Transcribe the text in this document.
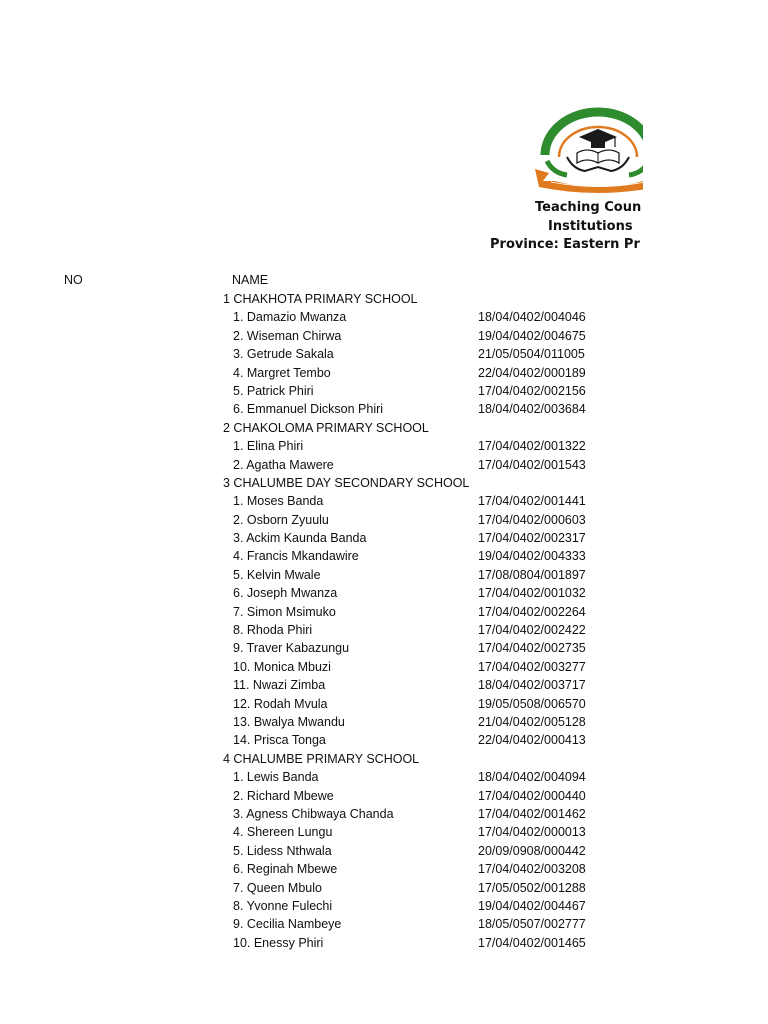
Teaching Coun
Institutions
Province: Eastern Pr
NO	NAME
1 CHAKHOTA PRIMARY SCHOOL
1. Damazio Mwanza	18/04/0402/004046
2. Wiseman Chirwa	19/04/0402/004675
3. Getrude Sakala	21/05/0504/011005
4. Margret Tembo	22/04/0402/000189
5. Patrick Phiri	17/04/0402/002156
6. Emmanuel Dickson Phiri	18/04/0402/003684
2 CHAKOLOMA PRIMARY SCHOOL
1. Elina Phiri	17/04/0402/001322
2. Agatha Mawere	17/04/0402/001543
3 CHALUMBE DAY SECONDARY SCHOOL
1. Moses Banda	17/04/0402/001441
2. Osborn Zyuulu	17/04/0402/000603
3. Ackim Kaunda Banda	17/04/0402/002317
4. Francis Mkandawire	19/04/0402/004333
5. Kelvin Mwale	17/08/0804/001897
6. Joseph Mwanza	17/04/0402/001032
7. Simon Msimuko	17/04/0402/002264
8. Rhoda Phiri	17/04/0402/002422
9. Traver Kabazungu	17/04/0402/002735
10. Monica Mbuzi	17/04/0402/003277
11. Nwazi Zimba	18/04/0402/003717
12. Rodah Mvula	19/05/0508/006570
13. Bwalya Mwandu	21/04/0402/005128
14. Prisca Tonga	22/04/0402/000413
4 CHALUMBE PRIMARY SCHOOL
1. Lewis Banda	18/04/0402/004094
2. Richard Mbewe	17/04/0402/000440
3. Agness Chibwaya Chanda	17/04/0402/001462
4. Shereen Lungu	17/04/0402/000013
5. Lidess Nthwala	20/09/0908/000442
6. Reginah Mbewe	17/04/0402/003208
7. Queen Mbulo	17/05/0502/001288
8. Yvonne Fulechi	19/04/0402/004467
9. Cecilia Nambeye	18/05/0507/002777
10. Enessy Phiri	17/04/0402/001465
